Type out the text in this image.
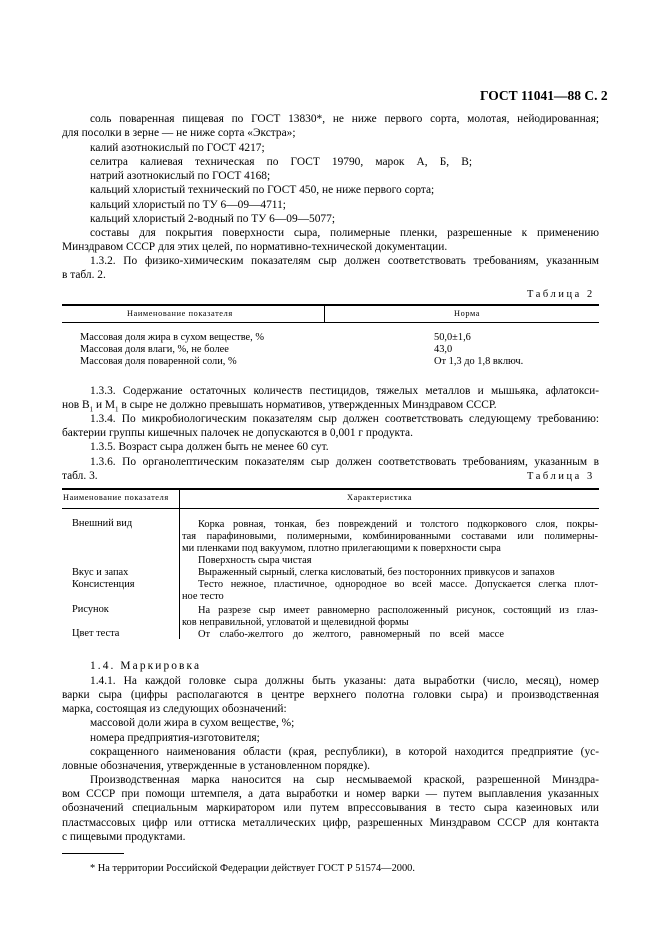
ГОСТ 11041—88 С. 2
соль поваренная пищевая по ГОСТ 13830*, не ниже первого сорта, молотая, нейодированная;
для посолки в зерне — не ниже сорта «Экстра»;
калий азотнокислый по ГОСТ 4217;
селитра калиевая техническая по ГОСТ 19790, марок А, Б, В;
натрий азотнокислый по ГОСТ 4168;
кальций хлористый технический по ГОСТ 450, не ниже первого сорта;
кальций хлористый по ТУ 6—09—4711;
кальций хлористый 2-водный по ТУ 6—09—5077;
составы для покрытия поверхности сыра, полимерные пленки, разрешенные к применению
Минздравом СССР для этих целей, по нормативно-технической документации.
1.3.2. По физико-химическим показателям сыр должен соответствовать требованиям, указанным
в табл. 2.
Таблица 2
Наименование показателя	Норма
Массовая доля жира в сухом веществе, %	50,0±1,6
Массовая доля влаги, %, не более	43,0
Массовая доля поваренной соли, %	От 1,3 до 1,8 включ.
1.3.3. Содержание остаточных количеств пестицидов, тяжелых металлов и мышьяка, афлатокси-
нов $B_1$ и $M_1$ в сыре не должно превышать нормативов, утвержденных Минздравом СССР.
1.3.4. По микробиологическим показателям сыр должен соответствовать следующему требованию:
бактерии группы кишечных палочек не допускаются в 0,001 г продукта.
1.3.5. Возраст сыра должен быть не менее 60 сут.
1.3.6. По органолептическим показателям сыр должен соответствовать требованиям, указанным в
табл. 3.	Таблица 3
Наименование показателя	Характеристика
Внешний вид	Корка ровная, тонкая, без повреждений и толстого подкоркового слоя, покры-
тая парафиновыми, полимерными, комбинированными составами или полимерны-
ми пленками под вакуумом, плотно прилегающими к поверхности сыра
Поверхность сыра чистая
Вкус и запах	Выраженный сырный, слегка кисловатый, без посторонних привкусов и запахов
Консистенция	Тесто нежное, пластичное, однородное во всей массе. Допускается слегка плот-
ное тесто
Рисунок	На разрезе сыр имеет равномерно расположенный рисунок, состоящий из глаз-
ков неправильной, угловатой и щелевидной формы
Цвет теста	От слабо-желтого до желтого, равномерный по всей массе
1.4. Маркировка
1.4.1. На каждой головке сыра должны быть указаны: дата выработки (число, месяц), номер
варки сыра (цифры располагаются в центре верхнего полотна головки сыра) и производственная
марка, состоящая из следующих обозначений:
массовой доли жира в сухом веществе, %;
номера предприятия-изготовителя;
сокращенного наименования области (края, республики), в которой находится предприятие (ус-
ловные обозначения, утвержденные в установленном порядке).
Производственная марка наносится на сыр несмываемой краской, разрешенной Минздра-
вом СССР при помощи штемпеля, а дата выработки и номер варки — путем выплавления указанных
обозначений специальным маркиратором или путем впрессовывания в тесто сыра казеиновых или
пластмассовых цифр или оттиска металлических цифр, разрешенных Минздравом СССР для контакта
с пищевыми продуктами.
* На территории Российской Федерации действует ГОСТ Р 51574—2000.
